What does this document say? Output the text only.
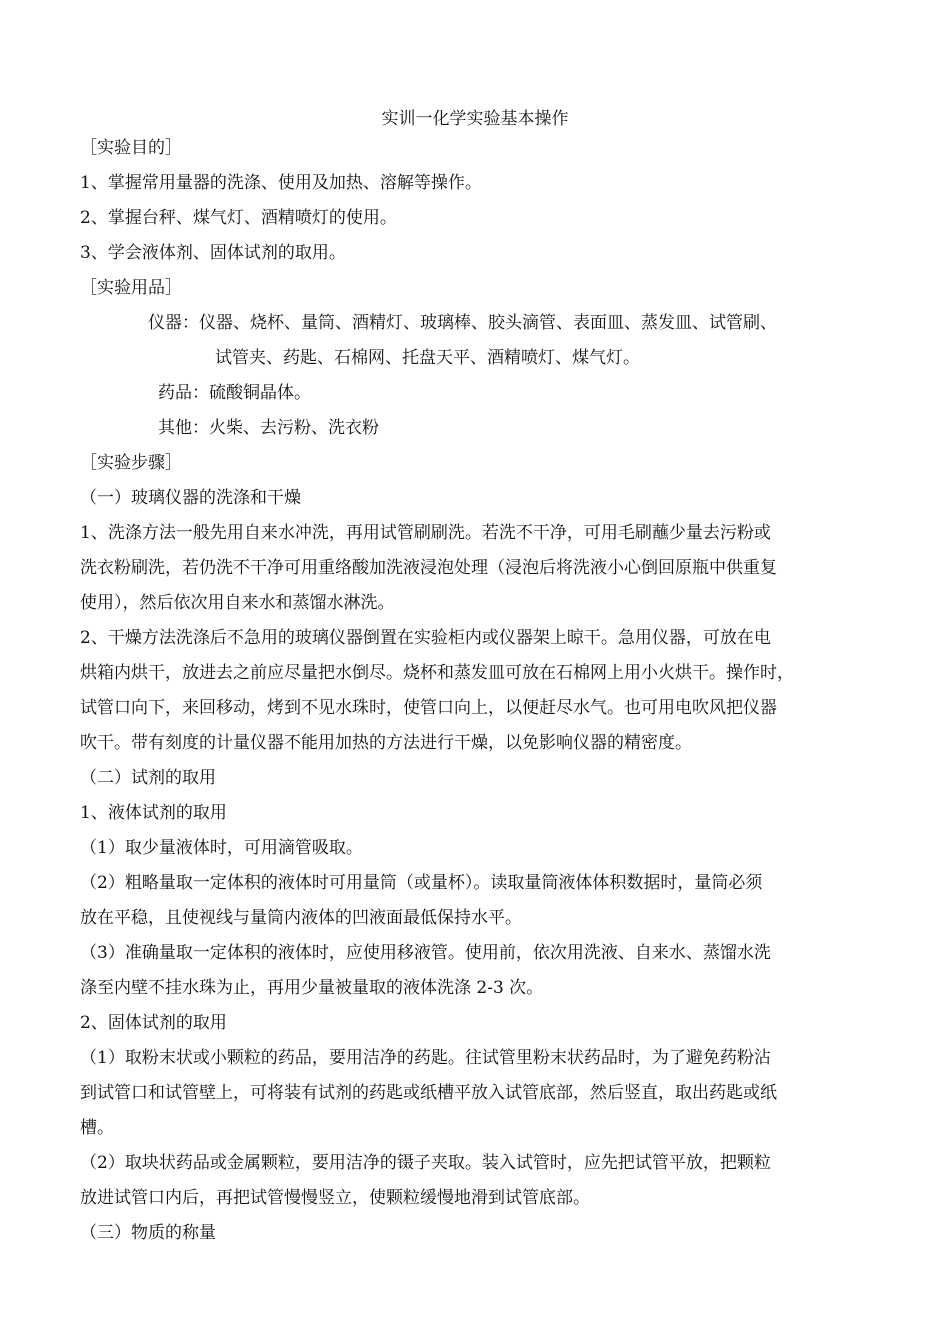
实训一化学实验基本操作
［实验目的］
1、掌握常用量器的洗涤、使用及加热、溶解等操作。
2、掌握台秤、煤气灯、酒精喷灯的使用。
3、学会液体剂、固体试剂的取用。
［实验用品］
仪器：仪器、烧杯、量筒、酒精灯、玻璃棒、胶头滴管、表面皿、蒸发皿、试管刷、
试管夹、药匙、石棉网、托盘天平、酒精喷灯、煤气灯。
药品：硫酸铜晶体。
其他：火柴、去污粉、洗衣粉
［实验步骤］
（一）玻璃仪器的洗涤和干燥
1、洗涤方法一般先用自来水冲洗，再用试管刷刷洗。若洗不干净，可用毛刷蘸少量去污粉或
洗衣粉刷洗，若仍洗不干净可用重络酸加洗液浸泡处理（浸泡后将洗液小心倒回原瓶中供重复
使用），然后依次用自来水和蒸馏水淋洗。
2、干燥方法洗涤后不急用的玻璃仪器倒置在实验柜内或仪器架上晾干。急用仪器，可放在电
烘箱内烘干，放进去之前应尽量把水倒尽。烧杯和蒸发皿可放在石棉网上用小火烘干。操作时，
试管口向下，来回移动，烤到不见水珠时，使管口向上，以便赶尽水气。也可用电吹风把仪器
吹干。带有刻度的计量仪器不能用加热的方法进行干燥，以免影响仪器的精密度。
（二）试剂的取用
1、液体试剂的取用
（1）取少量液体时，可用滴管吸取。
（2）粗略量取一定体积的液体时可用量筒（或量杯）。读取量筒液体体积数据时，量筒必须
放在平稳，且使视线与量筒内液体的凹液面最低保持水平。
（3）准确量取一定体积的液体时，应使用移液管。使用前，依次用洗液、自来水、蒸馏水洗
涤至内壁不挂水珠为止，再用少量被量取的液体洗涤 2-3 次。
2、固体试剂的取用
（1）取粉末状或小颗粒的药品，要用洁净的药匙。往试管里粉末状药品时，为了避免药粉沾
到试管口和试管壁上，可将装有试剂的药匙或纸槽平放入试管底部，然后竖直，取出药匙或纸
槽。
（2）取块状药品或金属颗粒，要用洁净的镊子夹取。装入试管时，应先把试管平放，把颗粒
放进试管口内后，再把试管慢慢竖立，使颗粒缓慢地滑到试管底部。
（三）物质的称量
